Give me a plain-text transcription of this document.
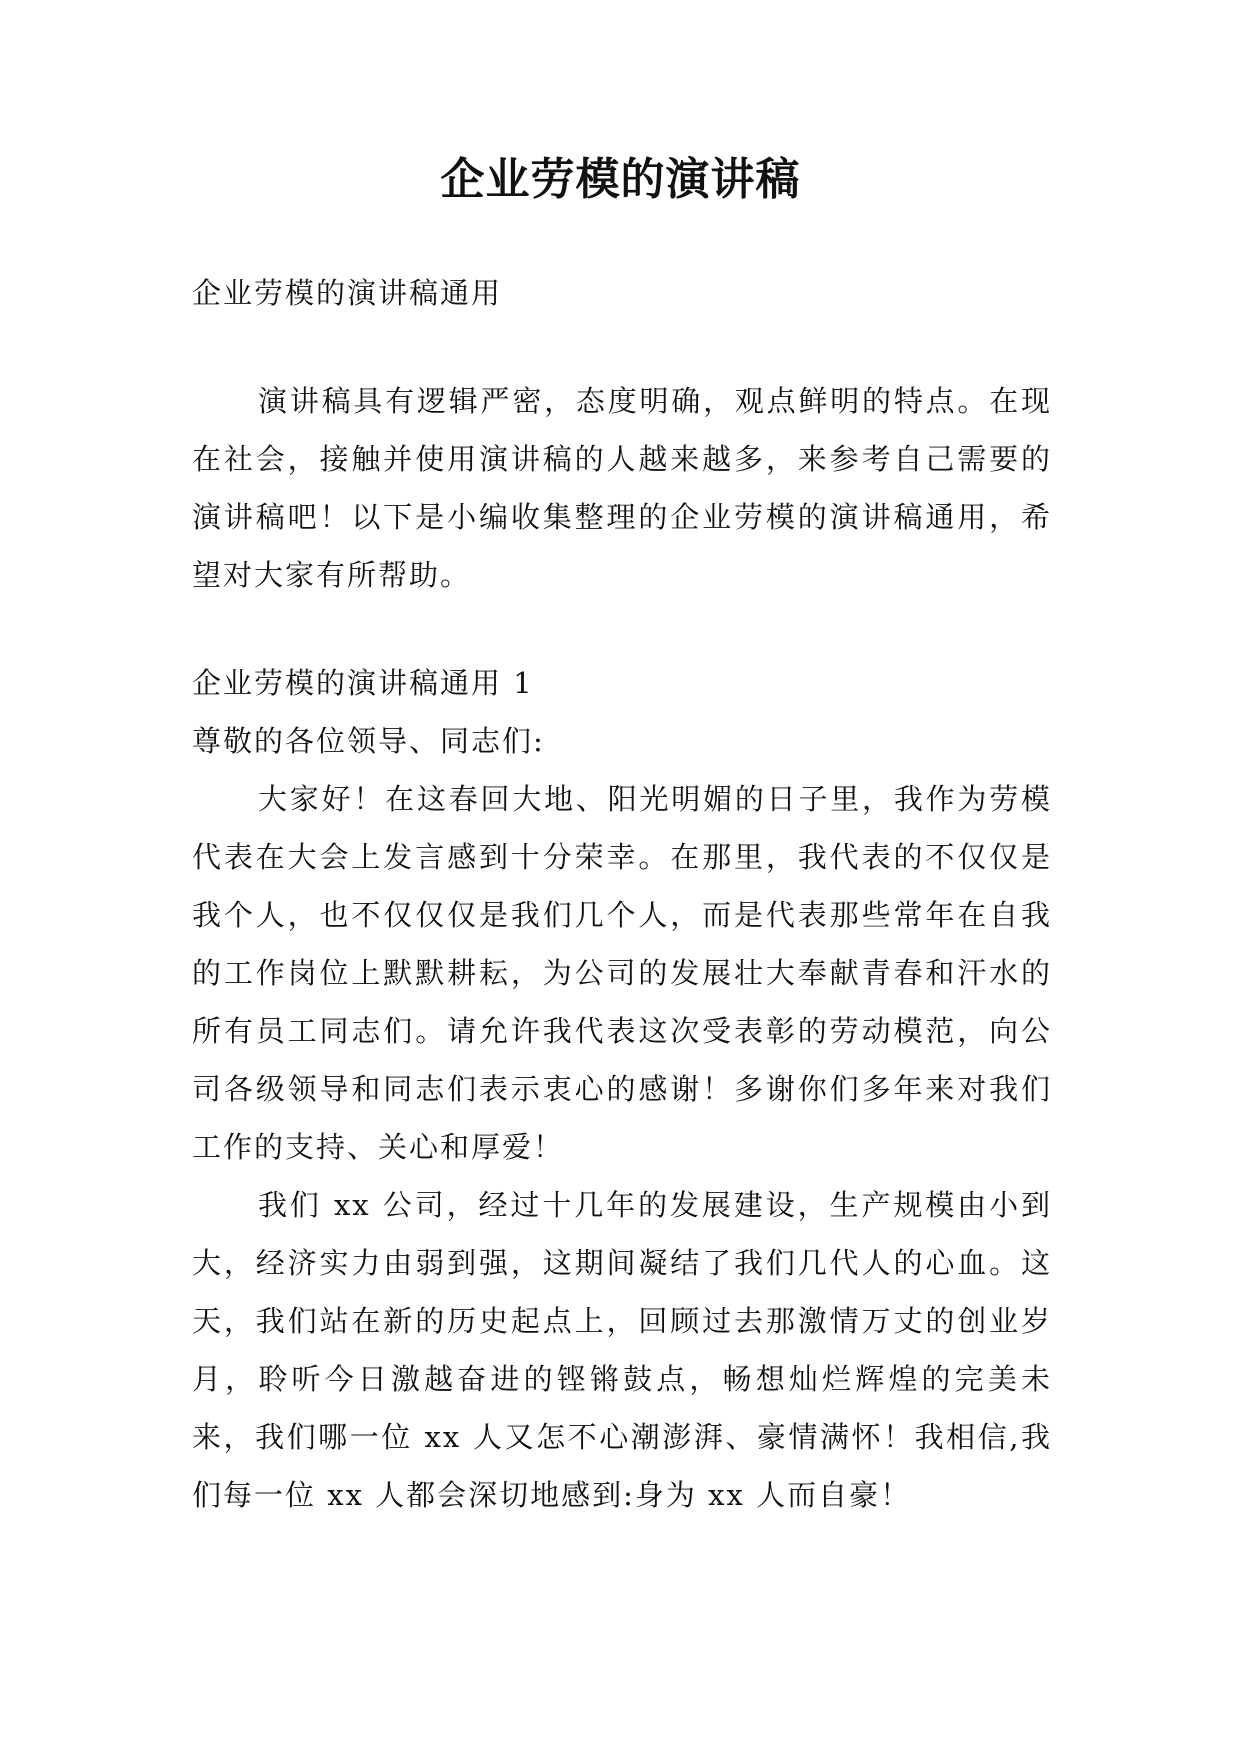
企业劳模的演讲稿

企业劳模的演讲稿通用

演讲稿具有逻辑严密，态度明确，观点鲜明的特点。在现在社会，接触并使用演讲稿的人越来越多，来参考自己需要的演讲稿吧！以下是小编收集整理的企业劳模的演讲稿通用，希望对大家有所帮助。

企业劳模的演讲稿通用 1

尊敬的各位领导、同志们:

大家好！在这春回大地、阳光明媚的日子里，我作为劳模代表在大会上发言感到十分荣幸。在那里，我代表的不仅仅是我个人，也不仅仅仅是我们几个人，而是代表那些常年在自我的工作岗位上默默耕耘，为公司的发展壮大奉献青春和汗水的所有员工同志们。请允许我代表这次受表彰的劳动模范，向公司各级领导和同志们表示衷心的感谢！多谢你们多年来对我们工作的支持、关心和厚爱！

我们 xx 公司，经过十几年的发展建设，生产规模由小到大，经济实力由弱到强，这期间凝结了我们几代人的心血。这天，我们站在新的历史起点上，回顾过去那激情万丈的创业岁月，聆听今日激越奋进的铿锵鼓点，畅想灿烂辉煌的完美未来，我们哪一位 xx 人又怎不心潮澎湃、豪情满怀！我相信,我们每一位 xx 人都会深切地感到:身为 xx 人而自豪！
